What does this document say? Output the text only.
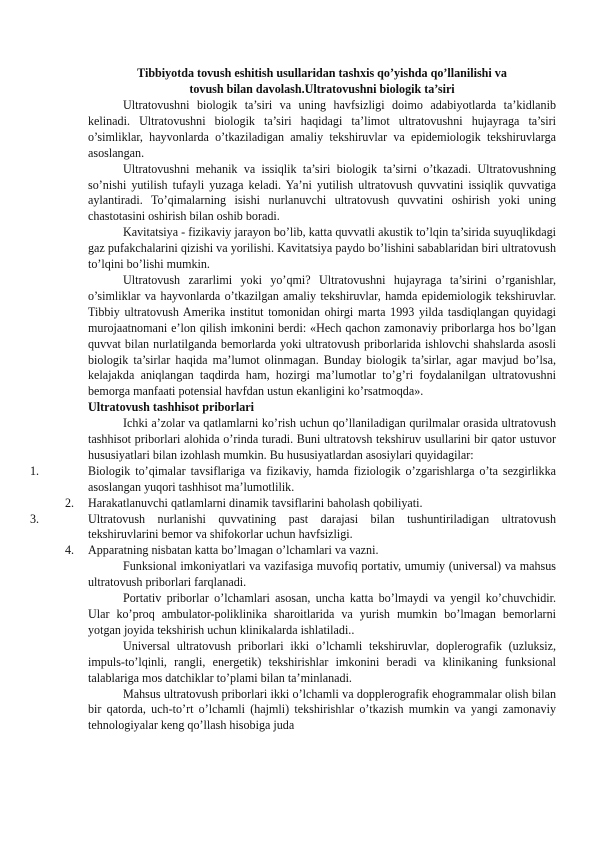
Tibbiyotda tovush eshitish usullaridan tashxis qo’yishda qo’llanilishi va
tovush bilan davolash.Ultratovushni biologik ta’siri

Ultratovushni biologik ta’siri va uning havfsizligi doimo adabiyotlarda ta’kidlanib kelinadi. Ultratovushni biologik ta’siri haqidagi ta’limot ultratovushni hujayraga ta’siri o’simliklar, hayvonlarda o’tkaziladigan amaliy tekshiruvlar va epidemiologik tekshiruvlarga asoslangan.

Ultratovushni mehanik va issiqlik ta’siri biologik ta’sirni o’tkazadi. Ultratovushning so’nishi yutilish tufayli yuzaga keladi. Ya’ni yutilish ultratovush quvvatini issiqlik quvvatiga aylantiradi. To’qimalarning isishi nurlanuvchi ultratovush quvvatini oshirish yoki uning chastotasini oshirish bilan oshib boradi.

Kavitatsiya - fizikaviy jarayon bo’lib, katta quvvatli akustik to’lqin ta’sirida suyuqlikdagi gaz pufakchalarini qizishi va yorilishi. Kavitatsiya paydo bo’lishini sabablaridan biri ultratovush to’lqini bo’lishi mumkin.

Ultratovush zararlimi yoki yo’qmi? Ultratovushni hujayraga ta’sirini o’rganishlar, o’simliklar va hayvonlarda o’tkazilgan amaliy tekshiruvlar, hamda epidemiologik tekshiruvlar. Tibbiy ultratovush Amerika institut tomonidan ohirgi marta 1993 yilda tasdiqlangan quyidagi murojaatnomani e’lon qilish imkonini berdi: «Hech qachon zamonaviy priborlarga hos bo’lgan quvvat bilan nurlatilganda bemorlarda yoki ultratovush priborlarida ishlovchi shahslarda asosli biologik ta’sirlar haqida ma’lumot olinmagan. Bunday biologik ta’sirlar, agar mavjud bo’lsa, kelajakda aniqlangan taqdirda ham, hozirgi ma’lumotlar to’g’ri foydalanilgan ultratovushni bemorga manfaati potensial havfdan ustun ekanligini ko’rsatmoqda».

Ultratovush tashhisot priborlari

Ichki a’zolar va qatlamlarni ko’rish uchun qo’llaniladigan qurilmalar orasida ultratovush tashhisot priborlari alohida o’rinda turadi. Buni ultratovsh tekshiruv usullarini bir qator ustuvor hususiyatlari bilan izohlash mumkin. Bu hususiyatlardan asosiylari quyidagilar:

1.	Biologik to’qimalar tavsiflariga va fizikaviy, hamda fiziologik o’zgarishlarga o’ta sezgirlikka asoslangan yuqori tashhisot ma’lumotlilik.
2. Harakatlanuvchi qatlamlarni dinamik tavsiflarini baholash qobiliyati.
3.	Ultratovush nurlanishi quvvatining past darajasi bilan tushuntiriladigan ultratovush tekshiruvlarini bemor va shifokorlar uchun havfsizligi.
4. Apparatning nisbatan katta bo’lmagan o’lchamlari va vazni.

Funksional imkoniyatlari va vazifasiga muvofiq portativ, umumiy (universal) va mahsus ultratovush priborlari farqlanadi.

Portativ priborlar o’lchamlari asosan, uncha katta bo’lmaydi va yengil ko’chuvchidir. Ular ko’proq ambulator-poliklinika sharoitlarida va yurish mumkin bo’lmagan bemorlarni yotgan joyida tekshirish uchun klinikalarda ishlatiladi..

Universal ultratovush priborlari ikki o’lchamli tekshiruvlar, doplerografik (uzluksiz, impuls-to’lqinli, rangli, energetik) tekshirishlar imkonini beradi va klinikaning funksional talablariga mos datchiklar to’plami bilan ta’minlanadi.

Mahsus ultratovush priborlari ikki o’lchamli va dopplerografik ehogrammalar olish bilan bir qatorda, uch-to’rt o’lchamli (hajmli) tekshirishlar o’tkazish mumkin va yangi zamonaviy tehnologiyalar keng qo’llash hisobiga juda
